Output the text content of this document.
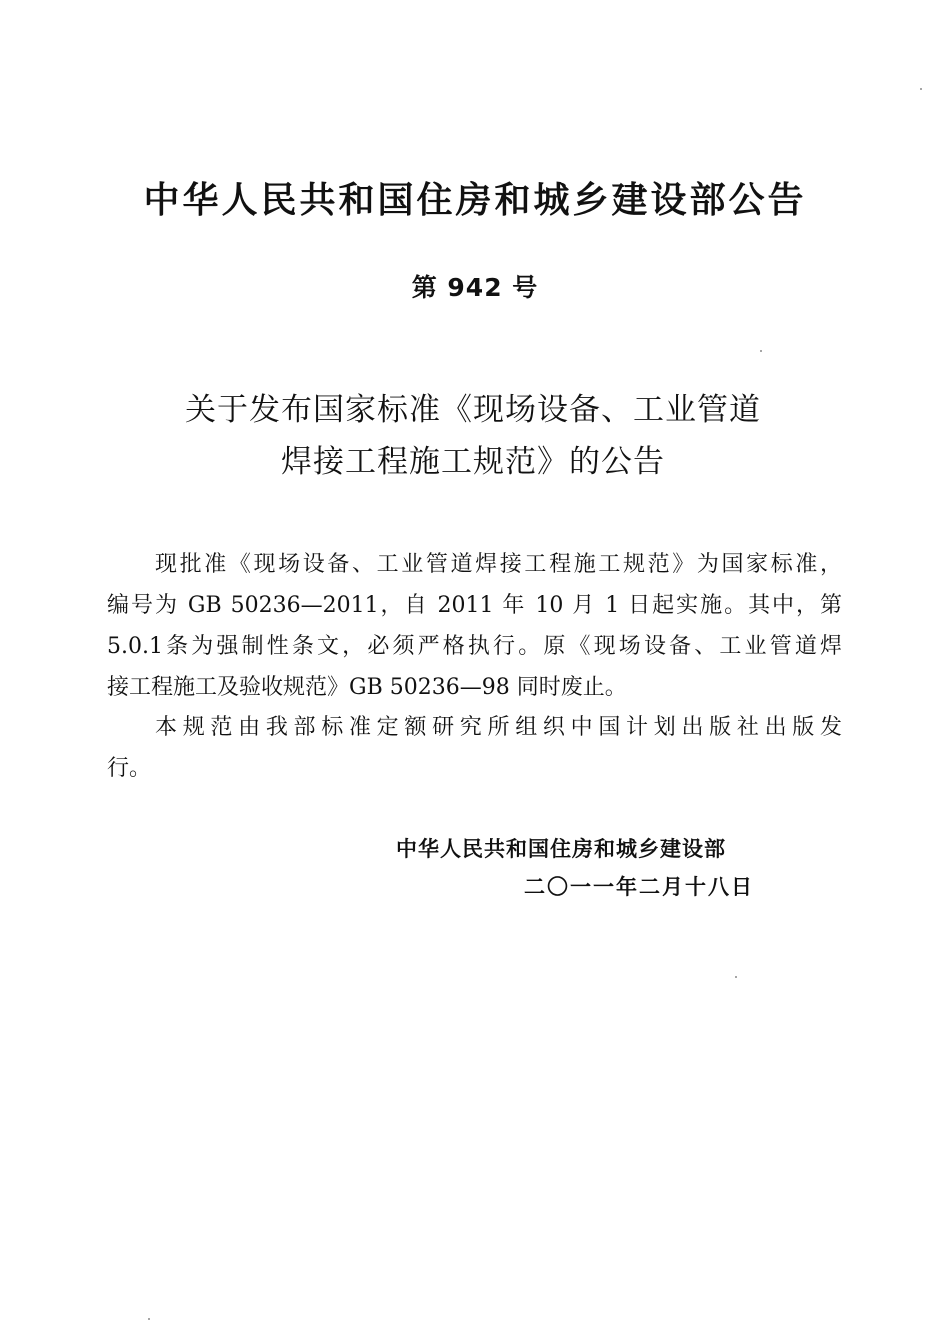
中华人民共和国住房和城乡建设部公告
第 942 号
关于发布国家标准《现场设备、工业管道
焊接工程施工规范》的公告
现批准《现场设备、工业管道焊接工程施工规范》为国家标准，
编号为 GB 50236—2011，自 2011 年 10 月 1 日起实施。其中，第
5.0.1条为强制性条文，必须严格执行。原《现场设备、工业管道焊
接工程施工及验收规范》GB 50236—98 同时废止。
本规范由我部标准定额研究所组织中国计划出版社出版发
行。
中华人民共和国住房和城乡建设部
二〇一一年二月十八日
